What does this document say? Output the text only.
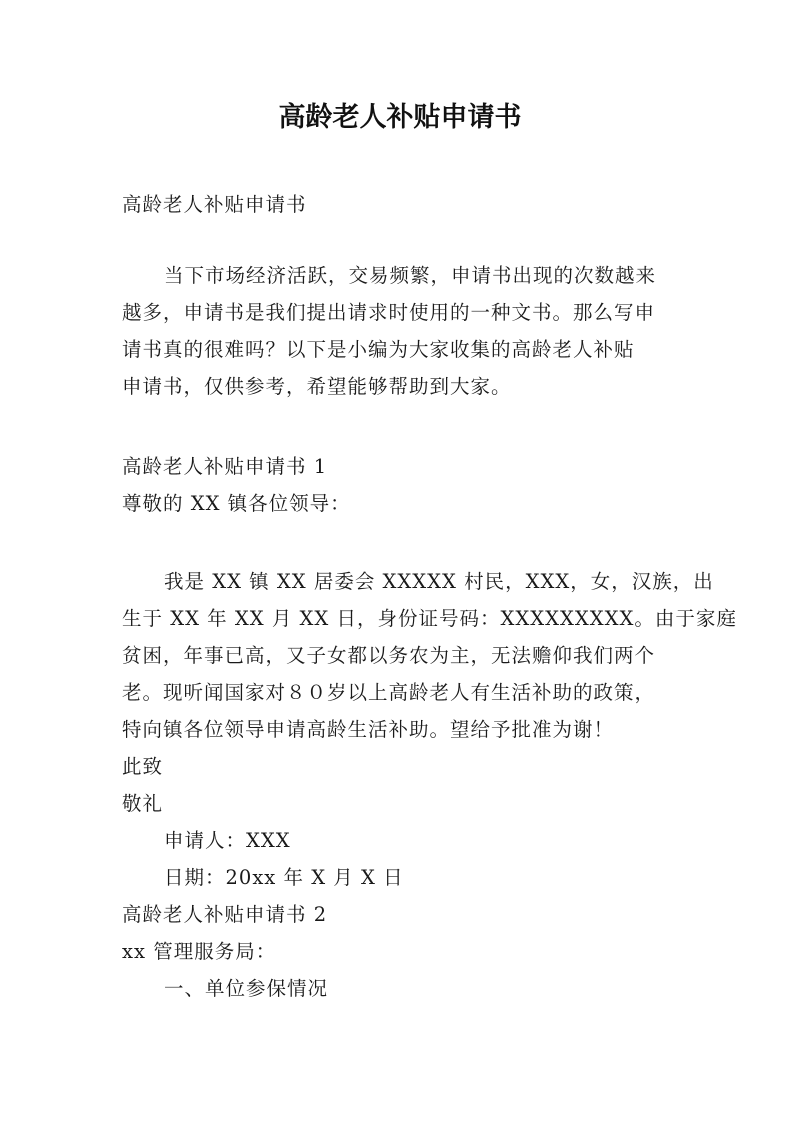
高龄老人补贴申请书
高龄老人补贴申请书
当下市场经济活跃，交易频繁，申请书出现的次数越来
越多，申请书是我们提出请求时使用的一种文书。那么写申
请书真的很难吗？以下是小编为大家收集的高龄老人补贴
申请书，仅供参考，希望能够帮助到大家。
高龄老人补贴申请书 1
尊敬的 XX 镇各位领导：
我是 XX 镇 XX 居委会 XXXXX 村民，XXX，女，汉族，出
生于 XX 年 XX 月 XX 日，身份证号码：XXXXXXXXX。由于家庭
贫困，年事已高，又子女都以务农为主，无法赡仰我们两个
老。现听闻国家对８０岁以上高龄老人有生活补助的政策，
特向镇各位领导申请高龄生活补助。望给予批准为谢！
此致
敬礼
申请人：XXX
日期：20xx 年 X 月 X 日
高龄老人补贴申请书 2
xx 管理服务局：
一、单位参保情况
